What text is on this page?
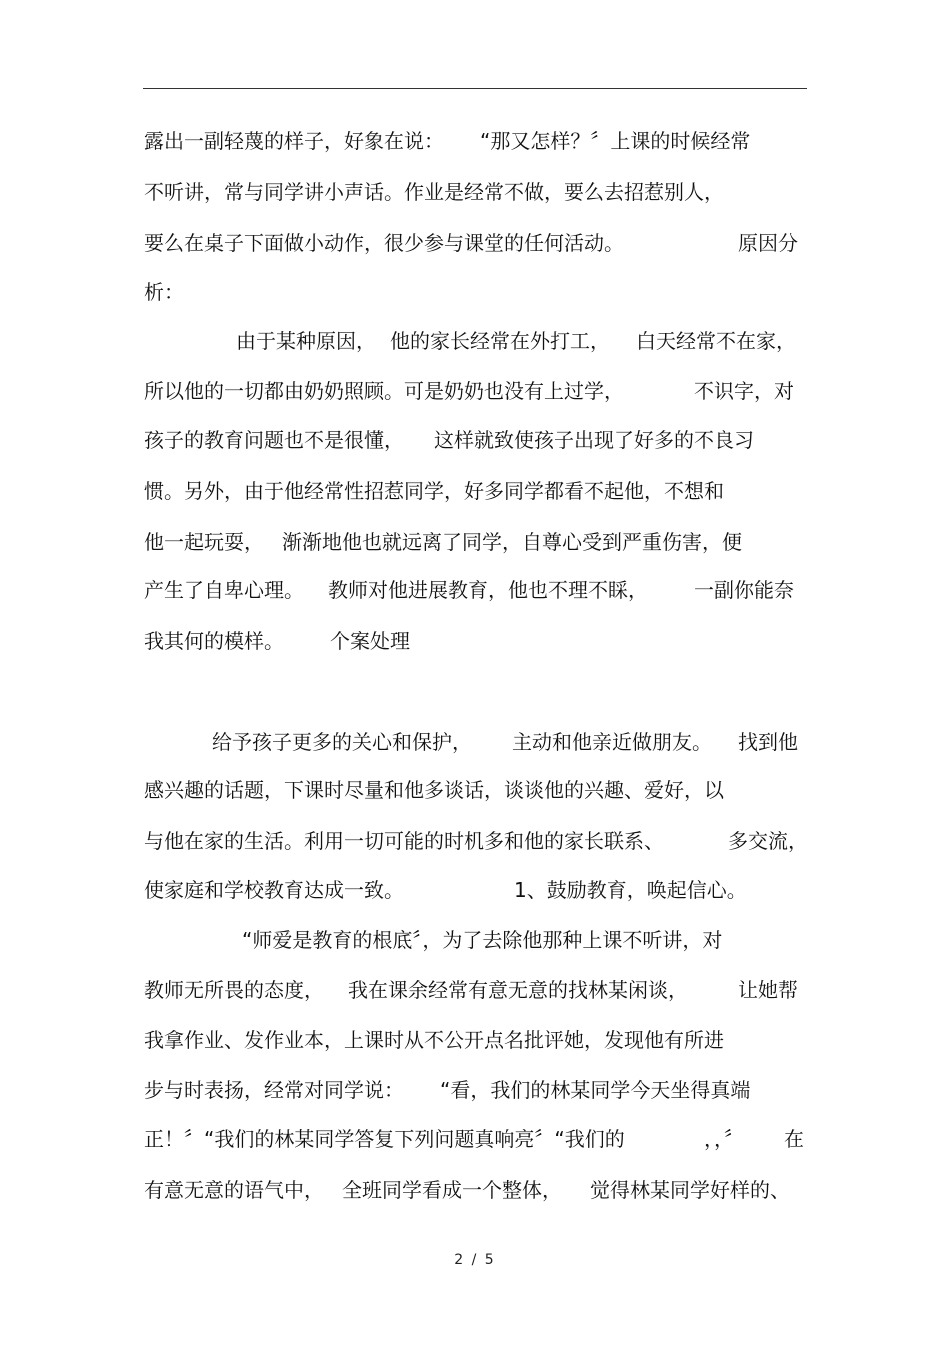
露出一副轻蔑的样子，好象在说： “那又怎样？〞上课的时候经常
不听讲，常与同学讲小声话。作业是经常不做，要么去招惹别人，
要么在桌子下面做小动作，很少参与课堂的任何活动。	原因分
析：
由于某种原因， 他的家长经常在外打工， 白天经常不在家，
所以他的一切都由奶奶照顾。可是奶奶也没有上过学，	不识字，对
孩子的教育问题也不是很懂， 这样就致使孩子出现了好多的不良习
惯。另外，由于他经常性招惹同学，好多同学都看不起他，不想和
他一起玩耍， 渐渐地他也就远离了同学，自尊心受到严重伤害，便
产生了自卑心理。 教师对他进展教育，他也不理不睬， 一副你能奈
我其何的模样。 个案处理
给予孩子更多的关心和保护， 主动和他亲近做朋友。 找到他
感兴趣的话题，下课时尽量和他多谈话，谈谈他的兴趣、爱好，以
与他在家的生活。利用一切可能的时机多和他的家长联系、	多交流，
使家庭和学校教育达成一致。	1、鼓励教育，唤起信心。
“师爱是教育的根底〞，为了去除他那种上课不听讲，对
教师无所畏的态度， 我在课余经常有意无意的找林某闲谈，	让她帮
我拿作业、发作业本，上课时从不公开点名批评她，发现他有所进
步与时表扬，经常对同学说： “看，我们的林某同学今天坐得真端
正！〞“我们的林某同学答复下列问题真响亮〞“我们的	，，〞 在
有意无意的语气中， 全班同学看成一个整体， 觉得林某同学好样的、
2 / 5
